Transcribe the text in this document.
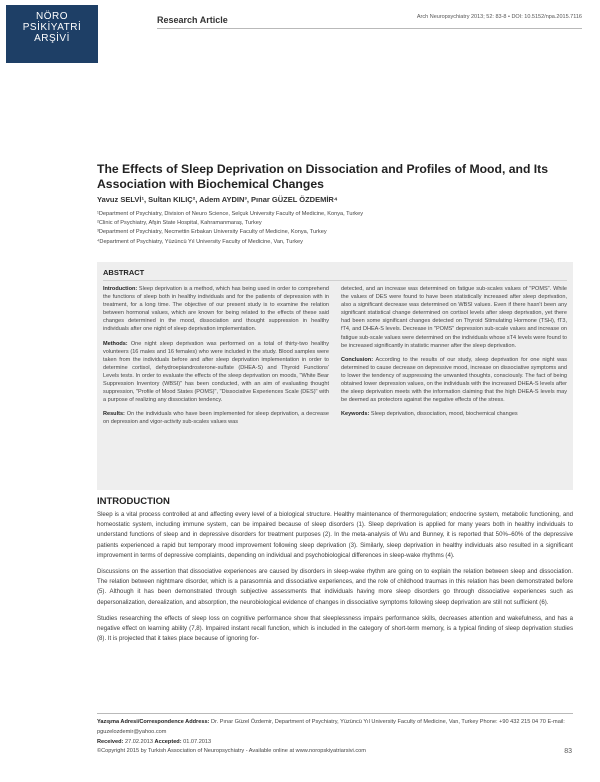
NÖRO
PSİKİYATRİ
ARŞİVİ
Research Article	Arch Neuropsychiatry 2013; 52: 83-8 • DOI: 10.5152/npa.2015.7116
The Effects of Sleep Deprivation on Dissociation and Profiles of Mood, and Its Association with Biochemical Changes
Yavuz SELVİ¹, Sultan KILIÇ², Adem AYDIN³, Pınar GÜZEL ÖZDEMİR⁴
¹Department of Psychiatry, Division of Neuro Science, Selçuk University Faculty of Medicine, Konya, Turkey
²Clinic of Psychiatry, Afşin State Hospital, Kahramanmaraş, Turkey
³Department of Psychiatry, Necmettin Erbakan University Faculty of Medicine, Konya, Turkey
⁴Department of Psychiatry, Yüzüncü Yıl University Faculty of Medicine, Van, Turkey
ABSTRACT

Introduction: Sleep deprivation is a method, which has being used in order to comprehend the functions of sleep both in healthy individuals and for the patients of depression with in treatment, for a long time. The objective of our present study is to examine the relation between hormonal values, which are known for being related to the effects of these said changes determined in the mood, dissociation and thought suppression in healthy individuals after one night of sleep deprivation implementation.

Methods: One night sleep deprivation was performed on a total of thirty-two healthy volunteers (16 males and 16 females) who were included in the study. Blood samples were taken from the individuals before and after sleep deprivation implementation in order to determine cortisol, dehydroepiandrosterone-sulfate (DHEA-S) and Thyroid Functions' Levels tests. In order to evaluate the effects of the sleep deprivation on moods, "White Bear Suppression Inventory (WBSI)" has been conducted, with an aim of evaluating thought suppression, "Profile of Mood States (POMS)", "Dissociative Experiences Scale (DES)" with a purpose of realizing any dissociation tendency.

Results: On the individuals who have been implemented for sleep deprivation, a decrease on depression and vigor-activity sub-scales values was

detected, and an increase was determined on fatigue sub-scales values of "POMS". While the values of DES were found to have been statistically increased after sleep deprivation, also a significant decrease was determined on WBSI values. Even if there hasn't been any significant statistical change determined on cortisol levels after sleep deprivation, yet there had been some significant changes detected on Thyroid Stimulating Hormone (TSH), fT3, fT4, and DHEA-S levels. Decrease in "POMS" depression sub-scale values and increase on fatigue sub-scale values were determined on the individuals whose sT4 levels were found to be increased significantly in statistic manner after the sleep deprivation.

Conclusion: According to the results of our study, sleep deprivation for one night was determined to cause decrease on depressive mood, increase on dissociative symptoms and to lower the tendency of suppressing the unwanted thoughts, consciously. The fact of being obtained lower depression values, on the individuals with the increased DHEA-S levels after the sleep deprivation meets with the information claiming that the high DHEA-S levels may be deemed as protectors against the negative effects of the stress.

Keywords: Sleep deprivation, dissociation, mood, biochemical changes

INTRODUCTION

Sleep is a vital process controlled at and affecting every level of a biological structure. Healthy maintenance of thermoregulation; endocrine system, metabolic functioning, and homeostatic system, including immune system, can be impaired because of sleep disorders (1). Sleep deprivation is applied for many years both in healthy individuals to understand functions of sleep and in depressive disorders for treatment purposes (2). In the meta-analysis of Wu and Bunney, it is reported that 50%–60% of the depressive patients experienced a rapid but temporary mood improvement following sleep deprivation (3). Similarly, sleep deprivation in healthy individuals also resulted in a significant improvement in terms of depressive complaints, depending on individual and psychobiological differences in sleep-wake rhythms (4).

Discussions on the assertion that dissociative experiences are caused by disorders in sleep-wake rhythm are going on to explain the relation between sleep and dissociation. The relation between nightmare disorder, which is a parasomnia and dissociative experiences, and the role of childhood traumas in this relation has been demonstrated before (5). Although it has been demonstrated through subjective assessments that individuals having more sleep disorders go through dissociative experiences such as depersonalization, derealization, and absorption, the neurobiological evidence of changes in dissociative symptoms following sleep deprivation are still not sufficient (6).

Studies researching the effects of sleep loss on cognitive performance show that sleeplessness impairs performance skills, decreases attention and wakefulness, and has a negative effect on learning ability (7,8). Impaired instant recall function, which is included in the category of short-term memory, is a typical finding of sleep deprivation studies (8). It is projected that it takes place because of ignoring for-

Yazışma Adresi/Correspondence Address: Dr. Pınar Güzel Özdemir, Department of Psychiatry, Yüzüncü Yıl University Faculty of Medicine, Van, Turkey Phone: +90 432 215 04 70 E-mail: pguzelozdemir@yahoo.com
Received: 27.02.2013 Accepted: 01.07.2013
©Copyright 2015 by Turkish Association of Neuropsychiatry - Available online at www.noropskiyatriarsivi.com	83
